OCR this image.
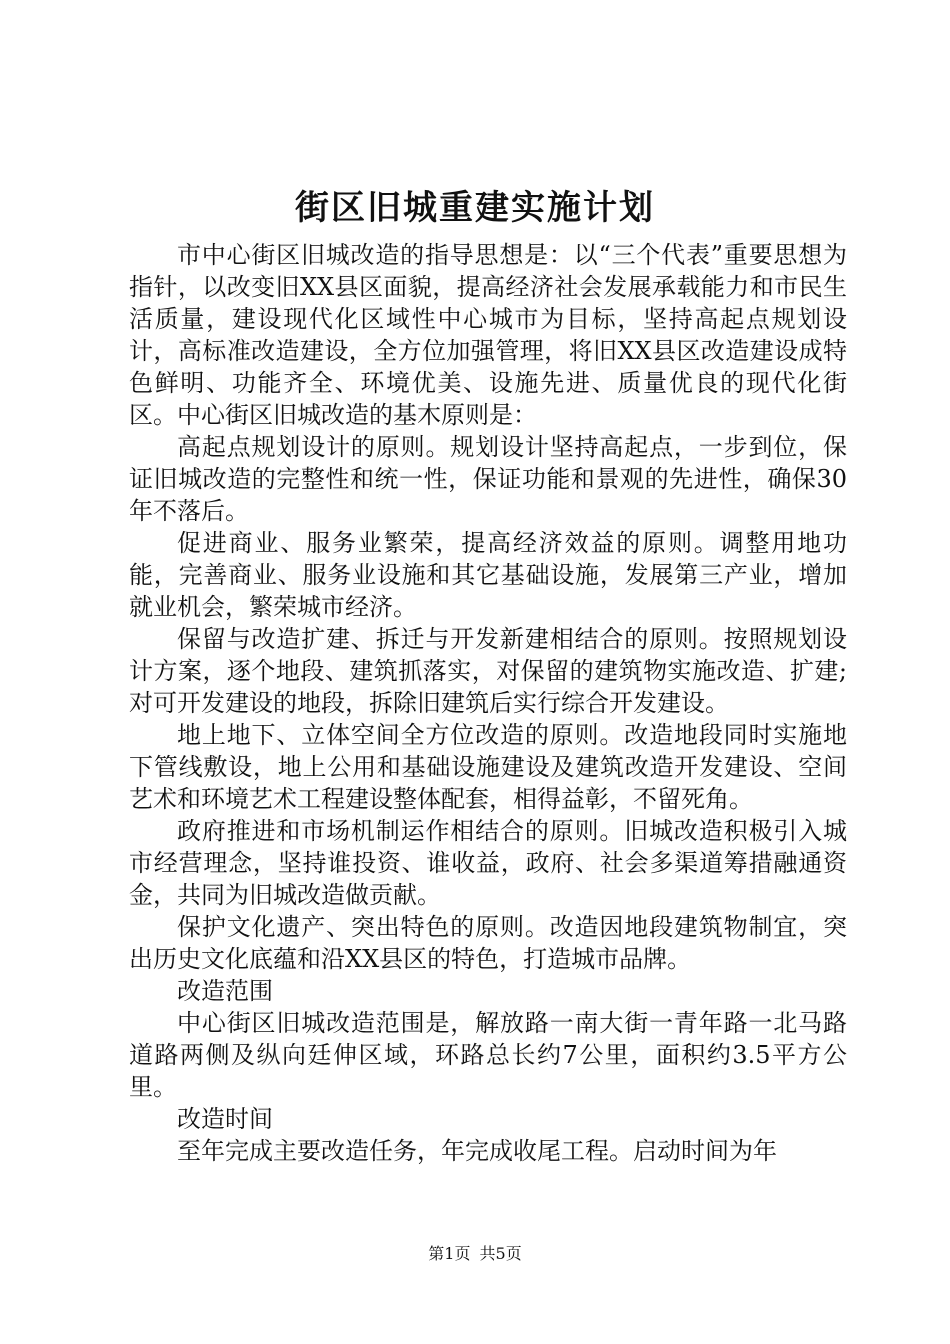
街区旧城重建实施计划

市中心街区旧城改造的指导思想是：以“三个代表”重要思想为指针，以改变旧XX县区面貌，提高经济社会发展承载能力和市民生活质量，建设现代化区域性中心城市为目标，坚持高起点规划设计，高标准改造建设，全方位加强管理，将旧XX县区改造建设成特色鲜明、功能齐全、环境优美、设施先进、质量优良的现代化街区。中心街区旧城改造的基木原则是：

高起点规划设计的原则。规划设计坚持高起点，一步到位，保证旧城改造的完整性和统一性，保证功能和景观的先进性，确保30年不落后。

促进商业、服务业繁荣，提高经济效益的原则。调整用地功能，完善商业、服务业设施和其它基础设施，发展第三产业，增加就业机会，繁荣城市经济。

保留与改造扩建、拆迁与开发新建相结合的原则。按照规划设计方案，逐个地段、建筑抓落实，对保留的建筑物实施改造、扩建;对可开发建设的地段，拆除旧建筑后实行综合开发建设。

地上地下、立体空间全方位改造的原则。改造地段同时实施地下管线敷设，地上公用和基础设施建设及建筑改造开发建设、空间艺术和环境艺术工程建设整体配套，相得益彰，不留死角。

政府推进和市场机制运作相结合的原则。旧城改造积极引入城市经营理念，坚持谁投资、谁收益，政府、社会多渠道筹措融通资金，共同为旧城改造做贡献。

保护文化遗产、突出特色的原则。改造因地段建筑物制宜，突出历史文化底蕴和沿XX县区的特色，打造城市品牌。

改造范围

中心街区旧城改造范围是，解放路一南大街一青年路一北马路道路两侧及纵向廷伸区域，环路总长约7公里，面积约3.5平方公里。

改造时间

至年完成主要改造任务，年完成收尾工程。启动时间为年

第1页 共5页
